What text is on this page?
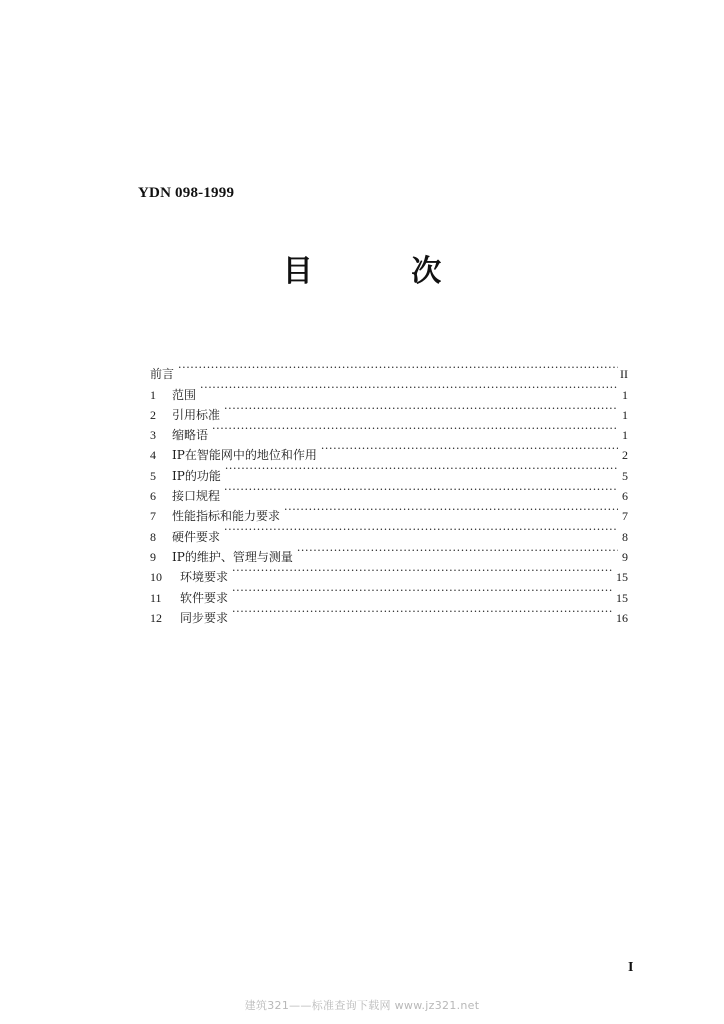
YDN 098-1999
目 次
前言 ·····	II
1	范围 ·····	1
2	引用标准 ·····	1
3	缩略语 ·····	1
4	IP在智能网中的地位和作用 ·····	2
5	IP的功能 ·····	5
6	接口规程 ·····	6
7	性能指标和能力要求 ·····	7
8	硬件要求 ·····	8
9	IP的维护、管理与测量 ·····	9
10	环境要求 ·····	15
11	软件要求 ·····	15
12	同步要求 ·····	16
I
建筑321——标准查询下载网 www.jz321.net
